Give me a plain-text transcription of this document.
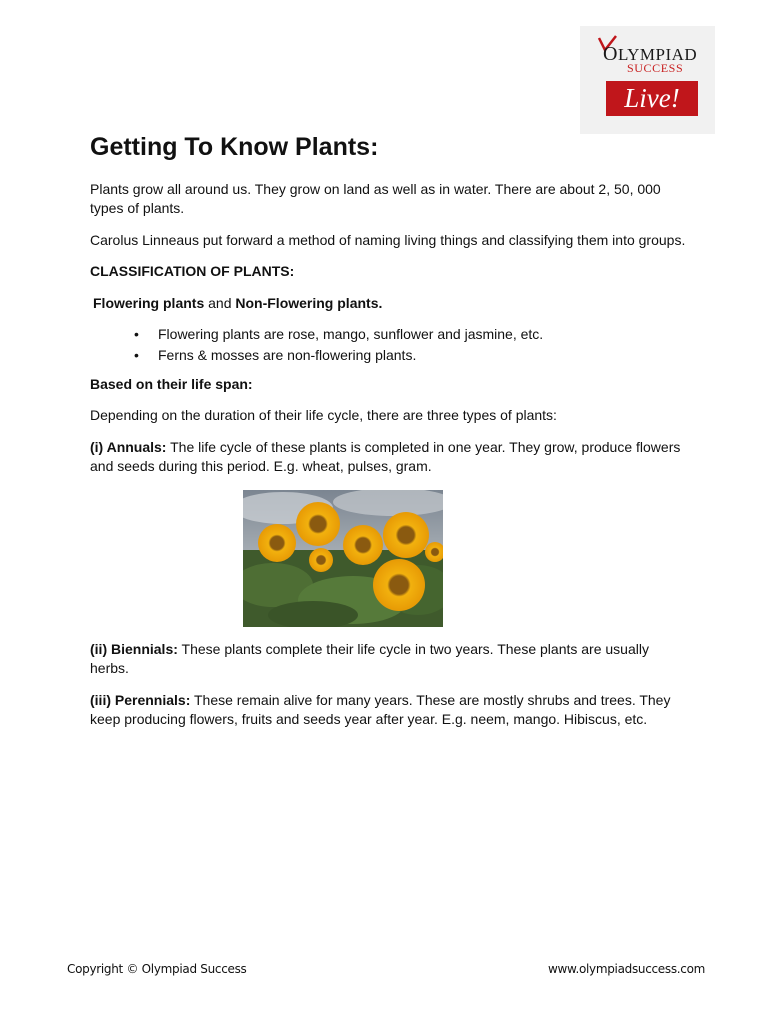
OLYMPIAD
SUCCESS
Live!
Getting To Know Plants:

Plants grow all around us. They grow on land as well as in water. There are about 2, 50, 000 types of plants.

Carolus Linneaus put forward a method of naming living things and classifying them into groups.

CLASSIFICATION OF PLANTS:

Flowering plants and Non-Flowering plants.

• Flowering plants are rose, mango, sunflower and jasmine, etc.
• Ferns & mosses are non-flowering plants.

Based on their life span:

Depending on the duration of their life cycle, there are three types of plants:

(i) Annuals: The life cycle of these plants is completed in one year. They grow, produce flowers and seeds during this period. E.g. wheat, pulses, gram.

(ii) Biennials: These plants complete their life cycle in two years. These plants are usually herbs.

(iii) Perennials: These remain alive for many years. These are mostly shrubs and trees. They keep producing flowers, fruits and seeds year after year. E.g. neem, mango. Hibiscus, etc.

Copyright © Olympiad Success	www.olympiadsuccess.com
